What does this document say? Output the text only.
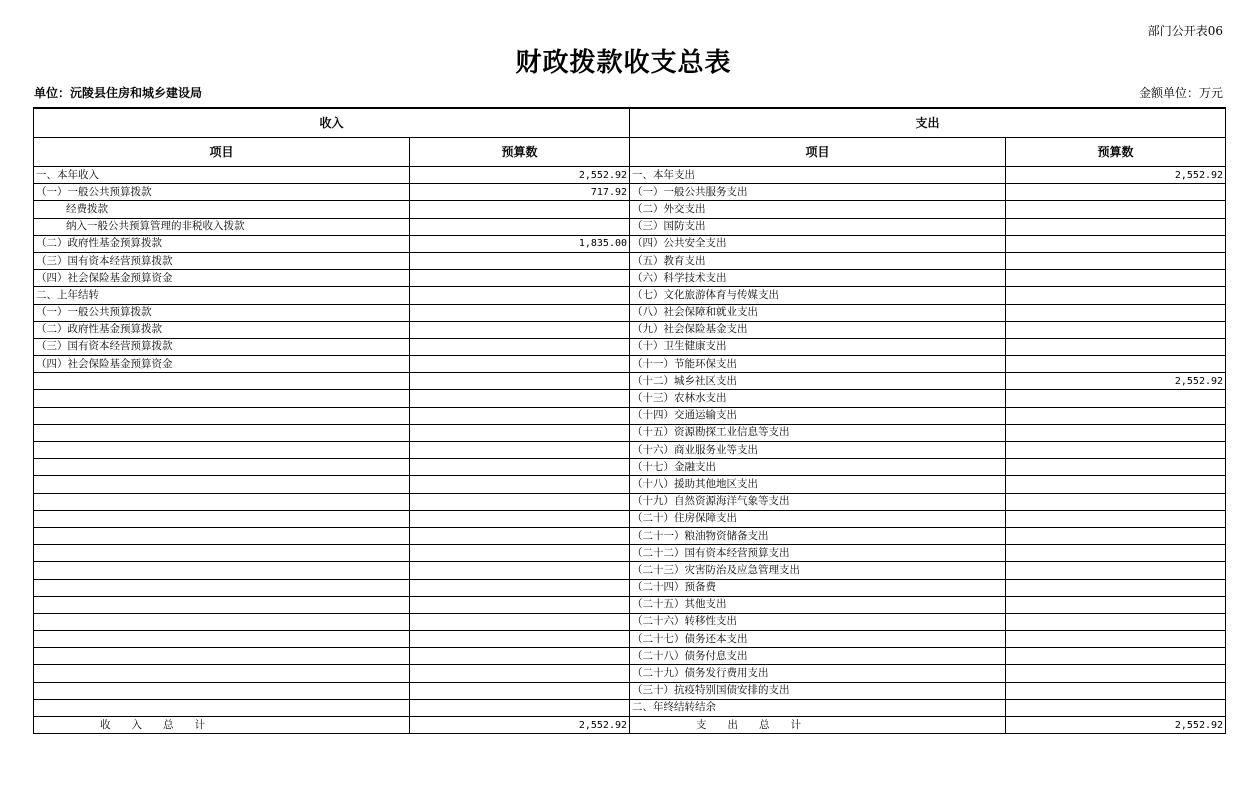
部门公开表06
财政拨款收支总表
单位：沅陵县住房和城乡建设局	金额单位：万元
收入		支出	
项目	预算数	项目	预算数
一、本年收入	2,552.92	一、本年支出	2,552.92
（一）一般公共预算拨款	717.92	（一）一般公共服务支出	
经费拨款		（二）外交支出	
纳入一般公共预算管理的非税收入拨款		（三）国防支出	
（二）政府性基金预算拨款	1,835.00	（四）公共安全支出	
（三）国有资本经营预算拨款		（五）教育支出	
（四）社会保险基金预算资金		（六）科学技术支出	
二、上年结转		（七）文化旅游体育与传媒支出	
（一）一般公共预算拨款		（八）社会保障和就业支出	
（二）政府性基金预算拨款		（九）社会保险基金支出	
（三）国有资本经营预算拨款		（十）卫生健康支出	
（四）社会保险基金预算资金		（十一）节能环保支出	
		（十二）城乡社区支出	2,552.92
		（十三）农林水支出	
		（十四）交通运输支出	
		（十五）资源勘探工业信息等支出	
		（十六）商业服务业等支出	
		（十七）金融支出	
		（十八）援助其他地区支出	
		（十九）自然资源海洋气象等支出	
		（二十）住房保障支出	
		（二十一）粮油物资储备支出	
		（二十二）国有资本经营预算支出	
		（二十三）灾害防治及应急管理支出	
		（二十四）预备费	
		（二十五）其他支出	
		（二十六）转移性支出	
		（二十七）债务还本支出	
		（二十八）债务付息支出	
		（二十九）债务发行费用支出	
		（三十）抗疫特别国债安排的支出	
		二、年终结转结余	
收　　入　　总　　计	2,552.92	支　　出　　总　　计	2,552.92
